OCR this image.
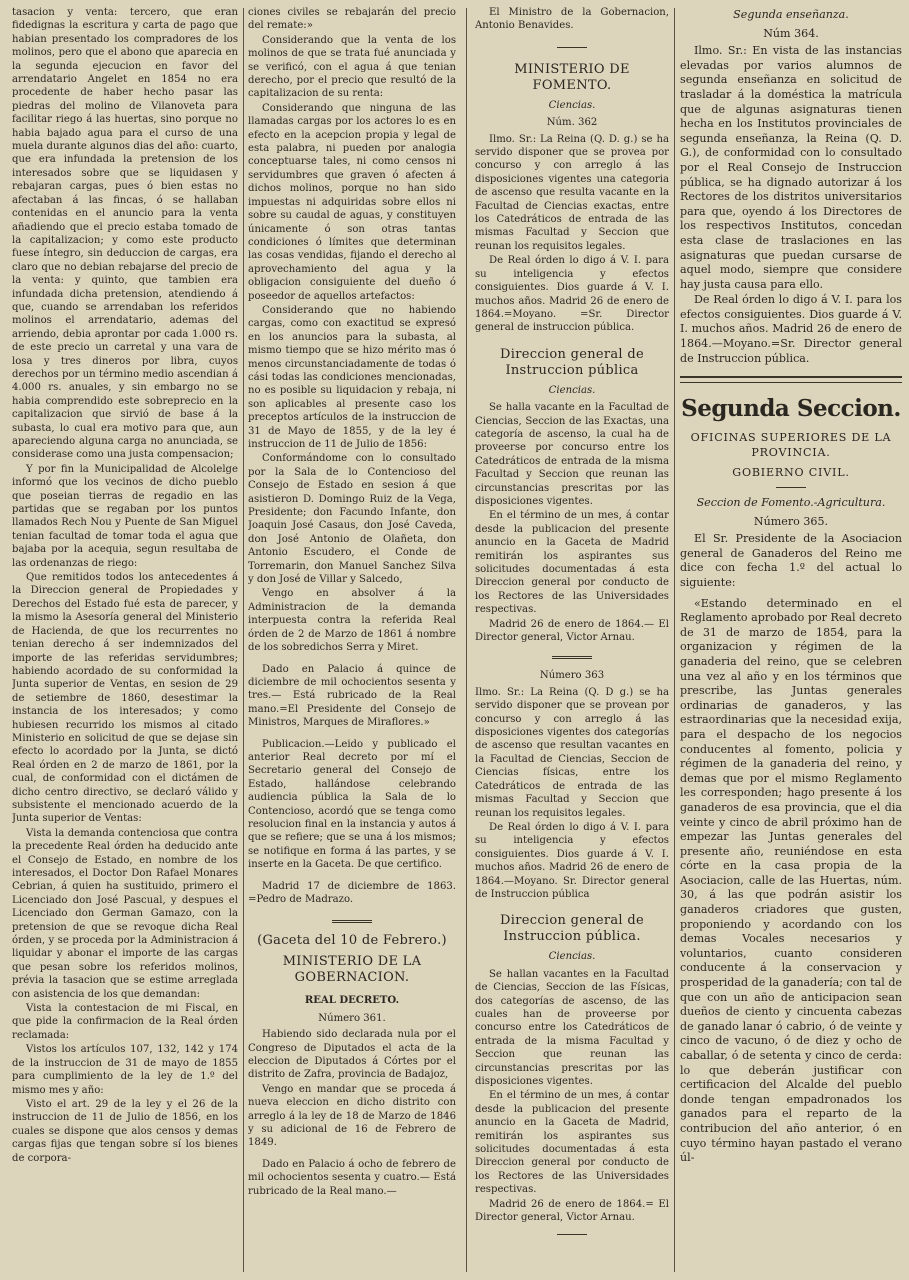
tasacion y venta: tercero, que eran fidedignas la escritura y carta de pago que habian presentado los compradores de los molinos, pero que el abono que aparecia en la segunda ejecucion en favor del arrendatario Angelet en 1854 no era procedente de haber hecho pasar las piedras del molino de Vilanoveta para facilitar riego á las huertas, sino porque no habia bajado agua para el curso de una muela durante algunos dias del año: cuarto, que era infundada la pretension de los interesados sobre que se liquidasen y rebajaran cargas, pues ó bien estas no afectaban á las fincas, ó se hallaban contenidas en el anuncio para la venta añadiendo que el precio estaba tomado de la capitalizacion; y como este producto fuese íntegro, sin deduccion de cargas, era claro que no debian rebajarse del precio de la venta: y quinto, que tambien era infundada dicha pretension, atendiendo á que, cuando se arrendaban los referidos molinos el arrendatario, ademas del arriendo, debia aprontar por cada 1.000 rs. de este precio un carretal y una vara de losa y tres dineros por libra, cuyos derechos por un término medio ascendian á 4.000 rs. anuales, y sin embargo no se habia comprendido este sobreprecio en la capitalizacion que sirvió de base á la subasta, lo cual era motivo para que, aun apareciendo alguna carga no anunciada, se considerase como una justa compensacion;

Y por fin la Municipalidad de Alcolelge informó que los vecinos de dicho pueblo que poseian tierras de regadio en las partidas que se regaban por los puntos llamados Rech Nou y Puente de San Miguel tenian facultad de tomar toda el agua que bajaba por la acequia, segun resultaba de las ordenanzas de riego:

Que remitidos todos los antecedentes á la Direccion general de Propiedades y Derechos del Estado fué esta de parecer, y la mismo la Asesoría general del Ministerio de Hacienda, de que los recurrentes no tenian derecho á ser indemnizados del importe de las referidas servidumbres; habiendo acordado de su conformidad la Junta superior de Ventas, en sesion de 29 de setiembre de 1860, desestimar la instancia de los interesados; y como hubiesen recurrido los mismos al citado Ministerio en solicitud de que se dejase sin efecto lo acordado por la Junta, se dictó Real órden en 2 de marzo de 1861, por la cual, de conformidad con el dictámen de dicho centro directivo, se declaró válido y subsistente el mencionado acuerdo de la Junta superior de Ventas:

Vista la demanda contenciosa que contra la precedente Real órden ha deducido ante el Consejo de Estado, en nombre de los interesados, el Doctor Don Rafael Monares Cebrian, á quien ha sustituido, primero el Licenciado don José Pascual, y despues el Licenciado don German Gamazo, con la pretension de que se revoque dicha Real órden, y se proceda por la Administracion á liquidar y abonar el importe de las cargas que pesan sobre los referidos molinos, prévia la tasacion que se estime arreglada con asistencia de los que demandan:

Vista la contestacion de mi Fiscal, en que pide la confirmacion de la Real órden reclamada:

Vistos los artículos 107, 132, 142 y 174 de la instruccion de 31 de mayo de 1855 para cumplimiento de la ley de 1.º del mismo mes y año:

Visto el art. 29 de la ley y el 26 de la instruccion de 11 de Julio de 1856, en los cuales se dispone que alos censos y demas cargas fijas que tengan sobre sí los bienes de corpora-

ciones civiles se rebajarán del precio del remate:»

Considerando que la venta de los molinos de que se trata fué anunciada y se verificó, con el agua á que tenian derecho, por el precio que resultó de la capitalizacion de su renta:

Considerando que ninguna de las llamadas cargas por los actores lo es en efecto en la acepcion propia y legal de esta palabra, ni pueden por analogia conceptuarse tales, ni como censos ni servidumbres que graven ó afecten á dichos molinos, porque no han sido impuestas ni adquiridas sobre ellos ni sobre su caudal de aguas, y constituyen únicamente ó son otras tantas condiciones ó límites que determinan las cosas vendidas, fijando el derecho al aprovechamiento del agua y la obligacion consiguiente del dueño ó poseedor de aquellos artefactos:

Considerando que no habiendo cargas, como con exactitud se expresó en los anuncios para la subasta, al mismo tiempo que se hizo mérito mas ó menos circunstanciadamente de todas ó cási todas las condiciones mencionadas, no es posible su liquidacion y rebaja, ni son aplicables al presente caso los preceptos artículos de la instruccion de 31 de Mayo de 1855, y de la ley é instruccion de 11 de Julio de 1856:

Conformándome con lo consultado por la Sala de lo Contencioso del Consejo de Estado en sesion á que asistieron D. Domingo Ruiz de la Vega, Presidente; don Facundo Infante, don Joaquin José Casaus, don José Caveda, don José Antonio de Olañeta, don Antonio Escudero, el Conde de Torremarin, don Manuel Sanchez Silva y don José de Villar y Salcedo,

Vengo en absolver á la Administracion de la demanda interpuesta contra la referida Real órden de 2 de Marzo de 1861 á nombre de los sobredichos Serra y Miret.

Dado en Palacio á quince de diciembre de mil ochocientos sesenta y tres.— Está rubricado de la Real mano.=El Presidente del Consejo de Ministros, Marques de Miraflores.»

Publicacion.—Leido y publicado el anterior Real decreto por mí el Secretario general del Consejo de Estado, hallándose celebrando audiencia pública la Sala de lo Contencioso, acordó que se tenga como resolucion final en la instancia y autos á que se refiere; que se una á los mismos; se notifique en forma á las partes, y se inserte en la Gaceta. De que certifico.

Madrid 17 de diciembre de 1863. =Pedro de Madrazo.

(Gaceta del 10 de Febrero.)
MINISTERIO DE LA GOBERNACION.
REAL DECRETO.
Número 361.

Habiendo sido declarada nula por el Congreso de Diputados el acta de la eleccion de Diputados á Córtes por el distrito de Zafra, provincia de Badajoz,

Vengo en mandar que se proceda á nueva eleccion en dicho distrito con arreglo á la ley de 18 de Marzo de 1846 y su adicional de 16 de Febrero de 1849.

Dado en Palacio á ocho de febrero de mil ochocientos sesenta y cuatro.— Está rubricado de la Real mano.—

El Ministro de la Gobernacion, Antonio Benavides.

MINISTERIO DE FOMENTO.
Ciencias.
Núm. 362

Ilmo. Sr.: La Reina (Q. D. g.) se ha servido disponer que se provea por concurso y con arreglo á las disposiciones vigentes una categoria de ascenso que resulta vacante en la Facultad de Ciencias exactas, entre los Catedráticos de entrada de las mismas Facultad y Seccion que reunan los requisitos legales.

De Real órden lo digo á V. I. para su inteligencia y efectos consiguientes. Dios guarde á V. I. muchos años. Madrid 26 de enero de 1864.=Moyano. =Sr. Director general de instruccion pública.

Direccion general de Instruccion pública
Ciencias.

Se halla vacante en la Facultad de Ciencias, Seccion de las Exactas, una categoría de ascenso, la cual ha de proveerse por concurso entre los Catedráticos de entrada de la misma Facultad y Seccion que reunan las circunstancias prescritas por las disposiciones vigentes.

En el término de un mes, á contar desde la publicacion del presente anuncio en la Gaceta de Madrid remitirán los aspirantes sus solicitudes documentadas á esta Direccion general por conducto de los Rectores de las Universidades respectivas.

Madrid 26 de enero de 1864.— El Director general, Victor Arnau.

Número 363

Ilmo. Sr.: La Reina (Q. D g.) se ha servido disponer que se provean por concurso y con arreglo á las disposiciones vigentes dos categorías de ascenso que resultan vacantes en la Facultad de Ciencias, Seccion de Ciencias físicas, entre los Catedráticos de entrada de las mismas Facultad y Seccion que reunan los requisitos legales.

De Real órden lo digo á V. I. para su inteligencia y efectos consiguientes. Dios guarde á V. I. muchos años. Madrid 26 de enero de 1864.—Moyano. Sr. Director general de Instruccion pública

Direccion general de Instruccion pública.
Ciencias.

Se hallan vacantes en la Facultad de Ciencias, Seccion de las Físicas, dos categorías de ascenso, de las cuales han de proveerse por concurso entre los Catedráticos de entrada de la misma Facultad y Seccion que reunan las circunstancias prescritas por las disposiciones vigentes.

En el término de un mes, á contar desde la publicacion del presente anuncio en la Gaceta de Madrid, remitirán los aspirantes sus solicitudes documentadas á esta Direccion general por conducto de los Rectores de las Universidades respectivas.

Madrid 26 de enero de 1864.= El Director general, Victor Arnau.

Segunda enseñanza.
Núm 364.

Ilmo. Sr.: En vista de las instancias elevadas por varios alumnos de segunda enseñanza en solicitud de trasladar á la doméstica la matrícula que de algunas asignaturas tienen hecha en los Institutos provinciales de segunda enseñanza, la Reina (Q. D. G.), de conformidad con lo consultado por el Real Consejo de Instruccion pública, se ha dignado autorizar á los Rectores de los distritos universitarios para que, oyendo á los Directores de los respectivos Institutos, concedan esta clase de traslaciones en las asignaturas que puedan cursarse de aquel modo, siempre que considere hay justa causa para ello.

De Real órden lo digo á V. I. para los efectos consiguientes. Dios guarde á V. I. muchos años. Madrid 26 de enero de 1864.—Moyano.=Sr. Director general de Instruccion pública.

Segunda Seccion.
OFICINAS SUPERIORES DE LA PROVINCIA.
GOBIERNO CIVIL.
Seccion de Fomento.-Agricultura.
Número 365.

El Sr. Presidente de la Asociacion general de Ganaderos del Reino me dice con fecha 1.º del actual lo siguiente:

«Estando determinado en el Reglamento aprobado por Real decreto de 31 de marzo de 1854, para la organizacion y régimen de la ganaderia del reino, que se celebren una vez al año y en los términos que prescribe, las Juntas generales ordinarias de ganaderos, y las estraordinarias que la necesidad exija, para el despacho de los negocios conducentes al fomento, policia y régimen de la ganaderia del reino, y demas que por el mismo Reglamento les corresponden; hago presente á los ganaderos de esa provincia, que el dia veinte y cinco de abril próximo han de empezar las Juntas generales del presente año, reuniéndose en esta córte en la casa propia de la Asociacion, calle de las Huertas, núm. 30, á las que podrán asistir los ganaderos criadores que gusten, proponiendo y acordando con los demas Vocales necesarios y voluntarios, cuanto consideren conducente á la conservacion y prosperidad de la ganadería; con tal de que con un año de anticipacion sean dueños de ciento y cincuenta cabezas de ganado lanar ó cabrio, ó de veinte y cinco de vacuno, ó de diez y ocho de caballar, ó de setenta y cinco de cerda: lo que deberán justificar con certificacion del Alcalde del pueblo donde tengan empadronados los ganados para el reparto de la contribucion del año anterior, ó en cuyo término hayan pastado el verano úl-
